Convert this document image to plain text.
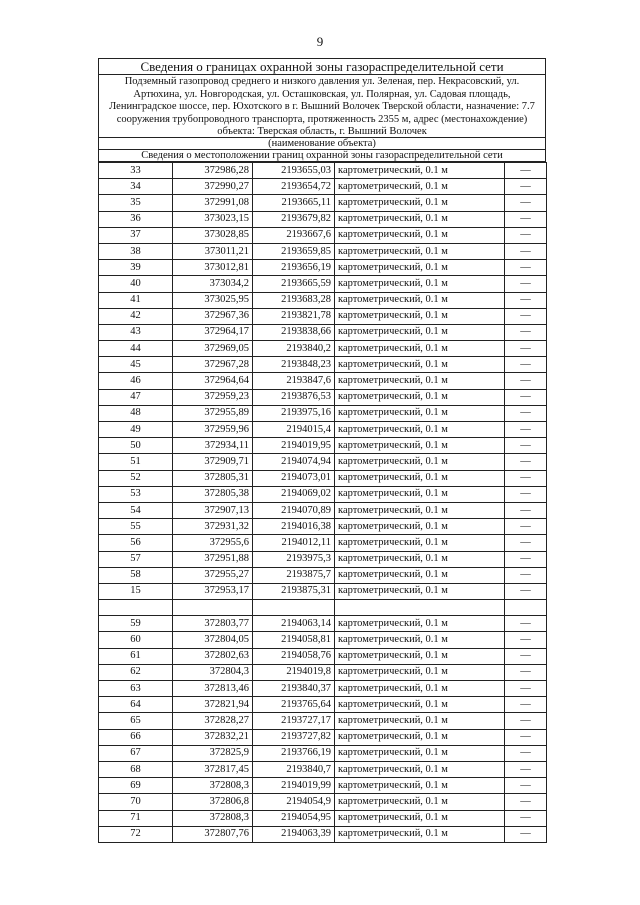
9
Сведения о границах охранной зоны газораспределительной сети
Подземный газопровод среднего и низкого давления ул. Зеленая, пер. Некрасовский, ул. Артюхина, ул. Новгородская, ул. Осташковская, ул. Полярная, ул. Садовая площадь, Ленинградское шоссе, пер. Юхотского в г. Вышний Волочек Тверской области, назначение: 7.7 сооружения трубопроводного транспорта, протяженность 2355 м, адрес (местонахождение) объекта: Тверская область, г. Вышний Волочек
(наименование объекта)
Сведения о местоположении границ охранной зоны газораспределительной сети
33	372986,28	2193655,03	картометрический, 0.1 м	—
34	372990,27	2193654,72	картометрический, 0.1 м	—
35	372991,08	2193665,11	картометрический, 0.1 м	—
36	373023,15	2193679,82	картометрический, 0.1 м	—
37	373028,85	2193667,6	картометрический, 0.1 м	—
38	373011,21	2193659,85	картометрический, 0.1 м	—
39	373012,81	2193656,19	картометрический, 0.1 м	—
40	373034,2	2193665,59	картометрический, 0.1 м	—
41	373025,95	2193683,28	картометрический, 0.1 м	—
42	372967,36	2193821,78	картометрический, 0.1 м	—
43	372964,17	2193838,66	картометрический, 0.1 м	—
44	372969,05	2193840,2	картометрический, 0.1 м	—
45	372967,28	2193848,23	картометрический, 0.1 м	—
46	372964,64	2193847,6	картометрический, 0.1 м	—
47	372959,23	2193876,53	картометрический, 0.1 м	—
48	372955,89	2193975,16	картометрический, 0.1 м	—
49	372959,96	2194015,4	картометрический, 0.1 м	—
50	372934,11	2194019,95	картометрический, 0.1 м	—
51	372909,71	2194074,94	картометрический, 0.1 м	—
52	372805,31	2194073,01	картометрический, 0.1 м	—
53	372805,38	2194069,02	картометрический, 0.1 м	—
54	372907,13	2194070,89	картометрический, 0.1 м	—
55	372931,32	2194016,38	картометрический, 0.1 м	—
56	372955,6	2194012,11	картометрический, 0.1 м	—
57	372951,88	2193975,3	картометрический, 0.1 м	—
58	372955,27	2193875,7	картометрический, 0.1 м	—
15	372953,17	2193875,31	картометрический, 0.1 м	—

59	372803,77	2194063,14	картометрический, 0.1 м	—
60	372804,05	2194058,81	картометрический, 0.1 м	—
61	372802,63	2194058,76	картометрический, 0.1 м	—
62	372804,3	2194019,8	картометрический, 0.1 м	—
63	372813,46	2193840,37	картометрический, 0.1 м	—
64	372821,94	2193765,64	картометрический, 0.1 м	—
65	372828,27	2193727,17	картометрический, 0.1 м	—
66	372832,21	2193727,82	картометрический, 0.1 м	—
67	372825,9	2193766,19	картометрический, 0.1 м	—
68	372817,45	2193840,7	картометрический, 0.1 м	—
69	372808,3	2194019,99	картометрический, 0.1 м	—
70	372806,8	2194054,9	картометрический, 0.1 м	—
71	372808,3	2194054,95	картометрический, 0.1 м	—
72	372807,76	2194063,39	картометрический, 0.1 м	—
